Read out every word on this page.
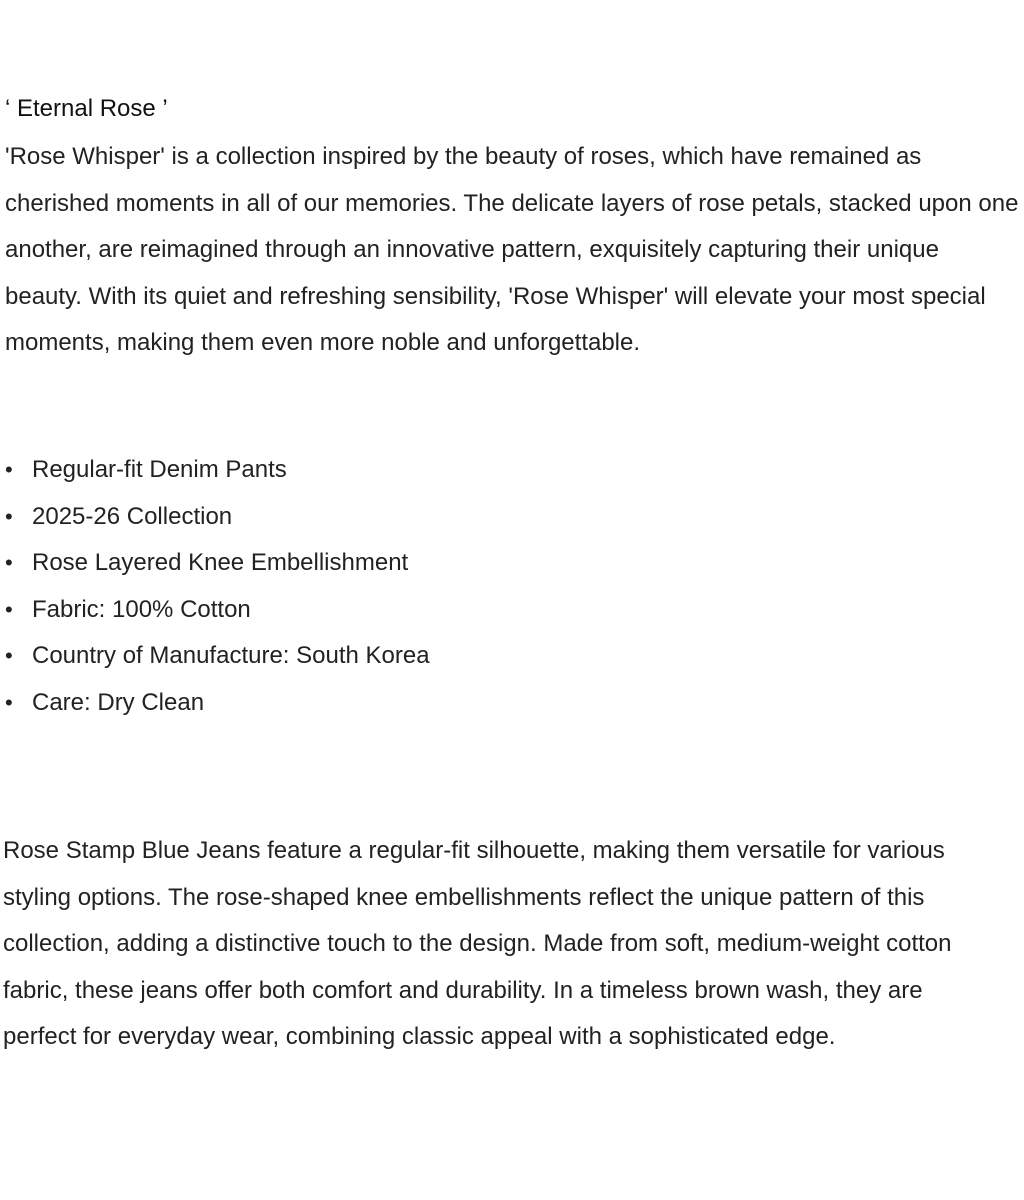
‘ Eternal Rose ’

'Rose Whisper' is a collection inspired by the beauty of roses, which have remained as cherished moments in all of our memories. The delicate layers of rose petals, stacked upon one another, are reimagined through an innovative pattern, exquisitely capturing their unique beauty. With its quiet and refreshing sensibility, 'Rose Whisper' will elevate your most special moments, making them even more noble and unforgettable.

• Regular-fit Denim Pants
• 2025-26 Collection
• Rose Layered Knee Embellishment
• Fabric: 100% Cotton
• Country of Manufacture: South Korea
• Care: Dry Clean

Rose Stamp Blue Jeans feature a regular-fit silhouette, making them versatile for various styling options. The rose-shaped knee embellishments reflect the unique pattern of this collection, adding a distinctive touch to the design. Made from soft, medium-weight cotton fabric, these jeans offer both comfort and durability. In a timeless brown wash, they are perfect for everyday wear, combining classic appeal with a sophisticated edge.
